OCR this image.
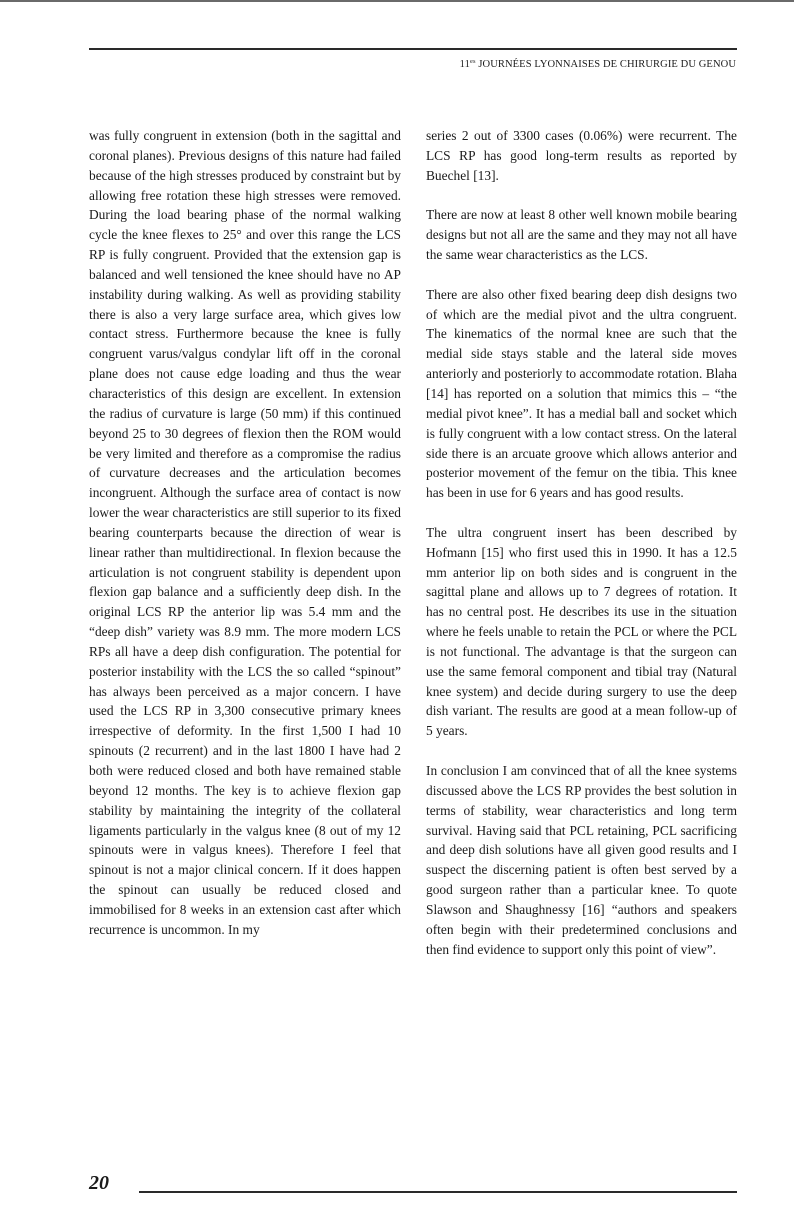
$11^{es}$ JOURNÉES LYONNAISES DE CHIRURGIE DU GENOU

was fully congruent in extension (both in the sagittal and coronal planes). Previous designs of this nature had failed because of the high stresses produced by constraint but by allowing free rotation these high stresses were removed. During the load bearing phase of the normal walking cycle the knee flexes to 25° and over this range the LCS RP is fully congruent. Provided that the extension gap is balanced and well tensioned the knee should have no AP instability during walking. As well as providing stability there is also a very large surface area, which gives low contact stress. Furthermore because the knee is fully congruent varus/valgus condylar lift off in the coronal plane does not cause edge loading and thus the wear characteristics of this design are excellent. In extension the radius of curvature is large (50 mm) if this continued beyond 25 to 30 degrees of flexion then the ROM would be very limited and therefore as a compromise the radius of curvature decreases and the articulation becomes incongruent. Although the surface area of contact is now lower the wear characteristics are still superior to its fixed bearing counterparts because the direction of wear is linear rather than multidirectional. In flexion because the articulation is not congruent stability is dependent upon flexion gap balance and a sufficiently deep dish. In the original LCS RP the anterior lip was 5.4 mm and the “deep dish” variety was 8.9 mm. The more modern LCS RPs all have a deep dish configuration. The potential for posterior instability with the LCS the so called “spinout” has always been perceived as a major concern. I have used the LCS RP in 3,300 consecutive primary knees irrespective of deformity. In the first 1,500 I had 10 spinouts (2 recurrent) and in the last 1800 I have had 2 both were reduced closed and both have remained stable beyond 12 months. The key is to achieve flexion gap stability by maintaining the integrity of the collateral ligaments particularly in the valgus knee (8 out of my 12 spinouts were in valgus knees). Therefore I feel that spinout is not a major clinical concern. If it does happen the spinout can usually be reduced closed and immobilised for 8 weeks in an extension cast after which recurrence is uncommon. In my

series 2 out of 3300 cases (0.06%) were recurrent. The LCS RP has good long-term results as reported by Buechel [13].

There are now at least 8 other well known mobile bearing designs but not all are the same and they may not all have the same wear characteristics as the LCS.

There are also other fixed bearing deep dish designs two of which are the medial pivot and the ultra congruent. The kinematics of the normal knee are such that the medial side stays stable and the lateral side moves anteriorly and posteriorly to accommodate rotation. Blaha [14] has reported on a solution that mimics this – “the medial pivot knee”. It has a medial ball and socket which is fully congruent with a low contact stress. On the lateral side there is an arcuate groove which allows anterior and posterior movement of the femur on the tibia. This knee has been in use for 6 years and has good results.

The ultra congruent insert has been described by Hofmann [15] who first used this in 1990. It has a 12.5 mm anterior lip on both sides and is congruent in the sagittal plane and allows up to 7 degrees of rotation. It has no central post. He describes its use in the situation where he feels unable to retain the PCL or where the PCL is not functional. The advantage is that the surgeon can use the same femoral component and tibial tray (Natural knee system) and decide during surgery to use the deep dish variant. The results are good at a mean follow-up of 5 years.

In conclusion I am convinced that of all the knee systems discussed above the LCS RP provides the best solution in terms of stability, wear characteristics and long term survival. Having said that PCL retaining, PCL sacrificing and deep dish solutions have all given good results and I suspect the discerning patient is often best served by a good surgeon rather than a particular knee. To quote Slawson and Shaughnessy [16] “authors and speakers often begin with their predetermined conclusions and then find evidence to support only this point of view”.

20
